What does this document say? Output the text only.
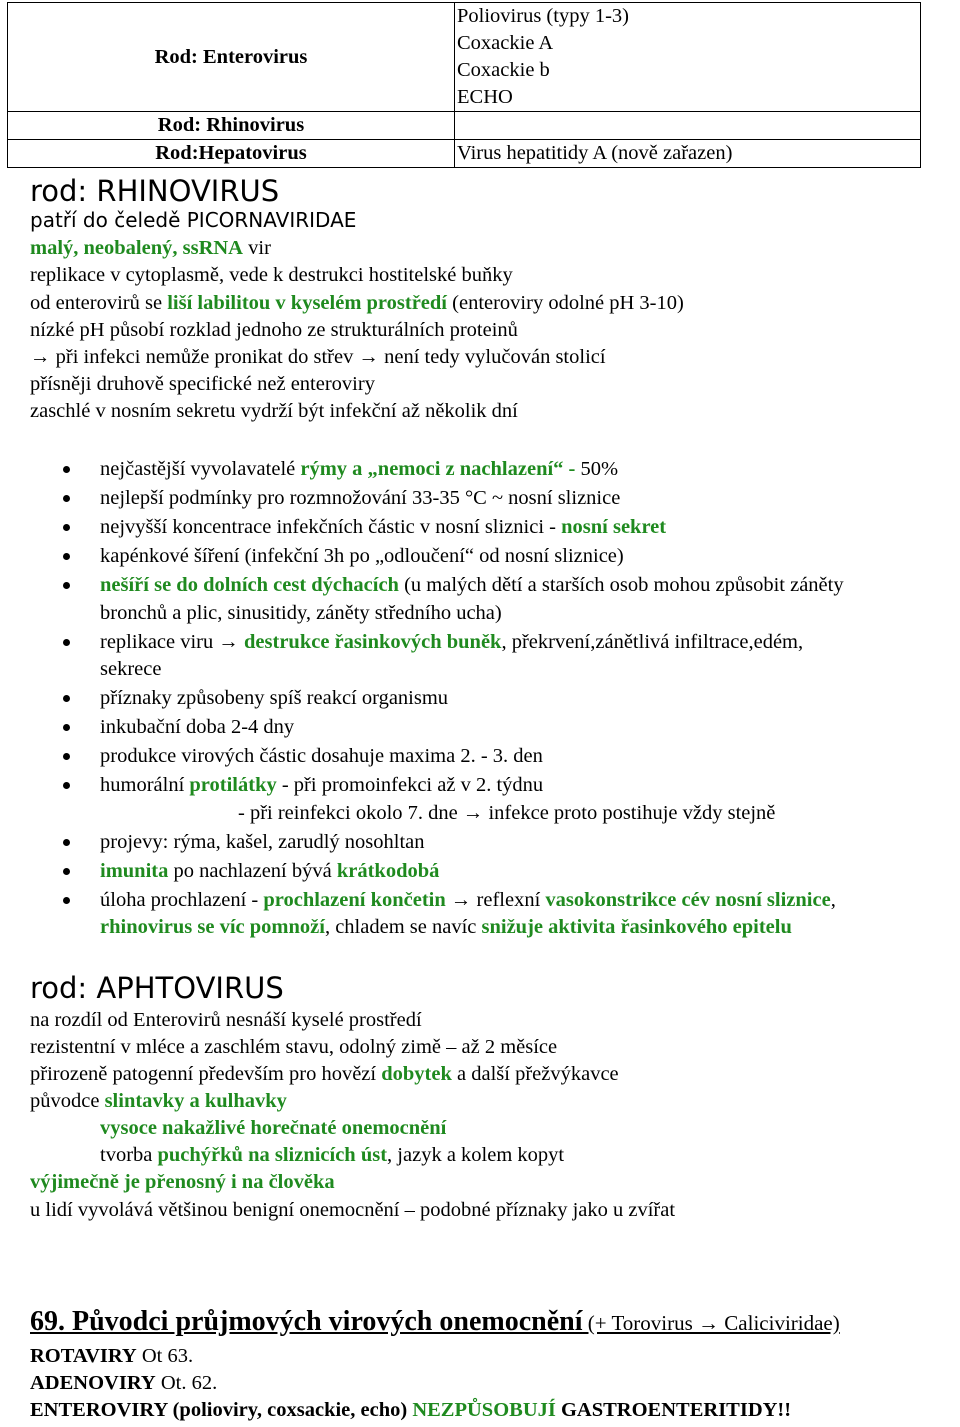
Rod: Enterovirus	Poliovirus (typy 1-3)
Coxackie A
Coxackie b
ECHO

Rod: Rhinovirus	
Rod:Hepatovirus	Virus hepatitidy A (nově zařazen)
rod: RHINOVIRUS
patří do čeledě PICORNAVIRIDAE
malý, neobalený, ssRNA vir
replikace v cytoplasmě, vede k destrukci hostitelské buňky
od enterovirů se liší labilitou v kyselém prostředí (enteroviry odolné pH 3-10)
nízké pH působí rozklad jednoho ze strukturálních proteinů
→ při infekci nemůže pronikat do střev → není tedy vylučován stolicí
přísněji druhově specifické než enteroviry
zaschlé v nosním sekretu vydrží být infekční až několik dní
nejčastější vyvolavatelé rýmy a „nemoci z nachlazení“ - 50%
nejlepší podmínky pro rozmnožování 33-35 °C ~ nosní sliznice
nejvyšší koncentrace infekčních částic v nosní sliznici - nosní sekret
kapénkové šíření (infekční 3h po „odloučení“ od nosní sliznice)
nešíří se do dolních cest dýchacích (u malých dětí a starších osob mohou způsobit záněty
bronchů a plic, sinusitidy, záněty středního ucha)
replikace viru → destrukce řasinkových buněk, překrvení,zánětlivá infiltrace,edém,
sekrece
příznaky způsobeny spíš reakcí organismu
inkubační doba 2-4 dny
produkce virových částic dosahuje maxima 2. - 3. den
humorální protilátky - při promoinfekci až v 2. týdnu
- při reinfekci okolo 7. dne → infekce proto postihuje vždy stejně
projevy: rýma, kašel, zarudlý nosohltan
imunita po nachlazení bývá krátkodobá
úloha prochlazení - prochlazení končetin → reflexní vasokonstrikce cév nosní sliznice,
rhinovirus se víc pomnoží, chladem se navíc snižuje aktivita řasinkového epitelu
rod: APHTOVIRUS
na rozdíl od Enterovirů nesnáší kyselé prostředí
rezistentní v mléce a zaschlém stavu, odolný zimě – až 2 měsíce
přirozeně patogenní především pro hovězí dobytek a další přežvýkavce
původce slintavky a kulhavky
vysoce nakažlivé horečnaté onemocnění
tvorba puchýřků na sliznicích úst, jazyk a kolem kopyt
výjimečně je přenosný i na člověka
u lidí vyvolává většinou benigní onemocnění – podobné příznaky jako u zvířat
69. Původci průjmových virových onemocnění (+ Torovirus → Caliciviridae)
ROTAVIRY Ot 63.
ADENOVIRY Ot. 62.
ENTEROVIRY (polioviry, coxsackie, echo) NEZPŮSOBUJÍ GASTROENTERITIDY!!
